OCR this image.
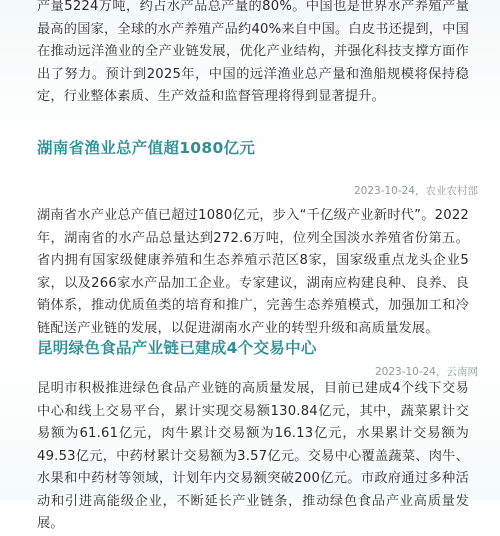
产量5224万吨，约占水产品总产量的80%。中国也是世界水产养殖产量最高的国家，全球的水产养殖产品约40%来自中国。白皮书还提到，中国在推动远洋渔业的全产业链发展，优化产业结构，并强化科技支撑方面作出了努力。预计到2025年，中国的远洋渔业总产量和渔船规模将保持稳定，行业整体素质、生产效益和监督管理将得到显著提升。

湖南省渔业总产值超1080亿元

2023-10-24，农业农村部

湖南省水产业总产值已超过1080亿元，步入“千亿级产业新时代”。2022年，湖南省的水产品总量达到272.6万吨，位列全国淡水养殖省份第五。省内拥有国家级健康养殖和生态养殖示范区8家，国家级重点龙头企业5家，以及266家水产品加工企业。专家建议，湖南应构建良种、良养、良销体系，推动优质鱼类的培育和推广，完善生态养殖模式，加强加工和冷链配送产业链的发展，以促进湖南水产业的转型升级和高质量发展。

昆明绿色食品产业链已建成4个交易中心

2023-10-24，云南网

昆明市积极推进绿色食品产业链的高质量发展，目前已建成4个线下交易中心和线上交易平台，累计实现交易额130.84亿元，其中，蔬菜累计交易额为61.61亿元，肉牛累计交易额为16.13亿元，水果累计交易额为49.53亿元，中药材累计交易额为3.57亿元。交易中心覆盖蔬菜、肉牛、水果和中药材等领域，计划年内交易额突破200亿元。市政府通过多种活动和引进高能级企业，不断延长产业链条，推动绿色食品产业高质量发展。
